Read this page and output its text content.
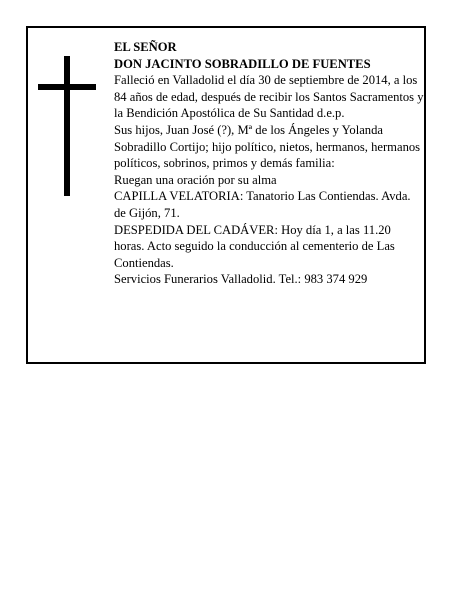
EL SEÑOR

DON JACINTO SOBRADILLO DE FUENTES

Falleció en Valladolid el día 30 de septiembre de 2014, a los 84 años de edad, después de recibir los Santos Sacramentos y la Bendición Apostólica de Su Santidad d.e.p.

Sus hijos, Juan José (?), Mª de los Ángeles y Yolanda Sobradillo Cortijo; hijo político, nietos, hermanos, hermanos políticos, sobrinos, primos y demás familia:

Ruegan una oración por su alma

CAPILLA VELATORIA: Tanatorio Las Contiendas. Avda. de Gijón, 71.

DESPEDIDA DEL CADÁVER: Hoy día 1, a las 11.20 horas. Acto seguido la conducción al cementerio de Las Contiendas.

Servicios Funerarios Valladolid. Tel.: 983 374 929
